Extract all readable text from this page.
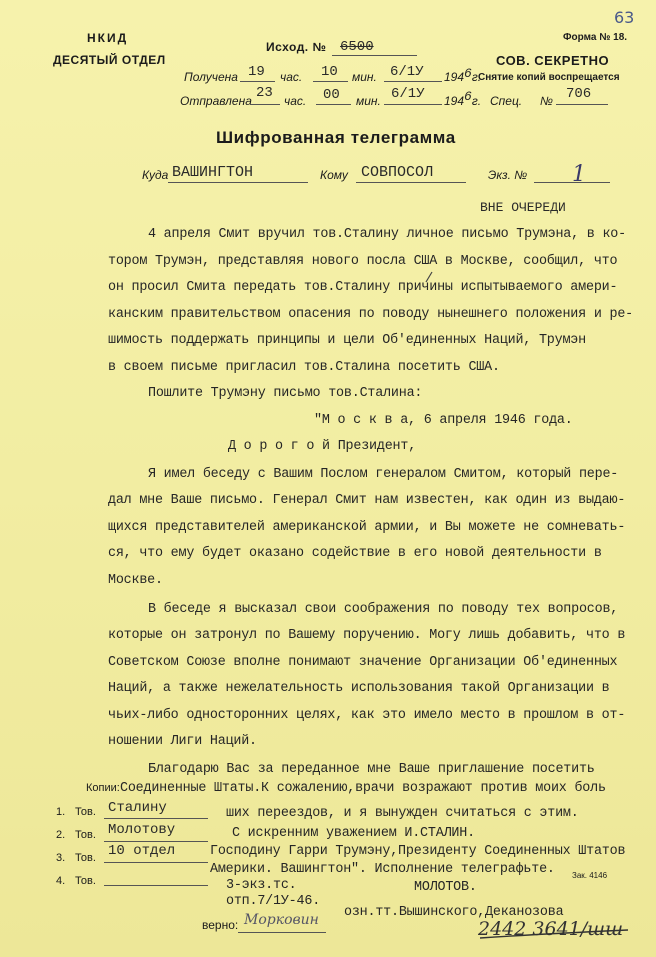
НКИД
ДЕСЯТЫЙ ОТДЕЛ
Исход. № 6500
Форма № 18.
63
СОВ. СЕКРЕТНО
Снятие копий воспрещается
Получена 19 час. 10 мин. 6/1У 1946г.
Отправлена 23 час. 00 мин. 6/1У 1946г. Спец. № 706
Шифрованная телеграмма
Куда ВАШИНГТОН	Кому СОВПОСОЛ	Экз. № 1
ВНЕ ОЧЕРЕДИ
4 апреля Смит вручил тов.Сталину личное письмо Трумэна, в ко-
тором Трумэн, представляя нового посла США в Москве, сообщил, что
он просил Смита передать тов.Сталину причины испытываемого амери-
канским правительством опасения по поводу нынешнего положения и ре-
шимость поддержать принципы и цели Об'единенных Наций, Трумэн
в своем письме пригласил тов.Сталина посетить США.
Пошлите Трумэну письмо тов.Сталина:
"М о с к в а, 6 апреля 1946 года.
Д о р о г о й Президент,
Я имел беседу с Вашим Послом генералом Смитом, который пере-
дал мне Ваше письмо. Генерал Смит нам известен, как один из выдаю-
щихся представителей американской армии, и Вы можете не сомневать-
ся, что ему будет оказано содействие в его новой деятельности в
Москве.
В беседе я высказал свои соображения по поводу тех вопросов,
которые он затронул по Вашему поручению. Могу лишь добавить, что в
Советском Союзе вполне понимают значение Организации Об'единенных
Наций, а также нежелательность использования такой Организации в
чьих-либо односторонних целях, как это имело место в прошлом в от-
ношении Лиги Наций.
Благодарю Вас за переданное мне Ваше приглашение посетить
Соединенные Штаты.К сожалению,врачи возражают против моих боль
ших переездов, и я вынужден считаться с этим.
С искренним уважением И.СТАЛИН.
Господину Гарри Трумэну,Президенту Соединенных Штатов
Америки. Вашингтон". Исполнение телеграфьте.
МОЛОТОВ.
Копии:
1. Тов. Сталину
2. Тов. Молотову
3. Тов. 10 отдел
4. Тов.	3-экз.тс.
отп.7/1У-46.
Зак. 4146
верно: Морковин озн.тт.Вышинского,Деканозова
2442 3641/шш
